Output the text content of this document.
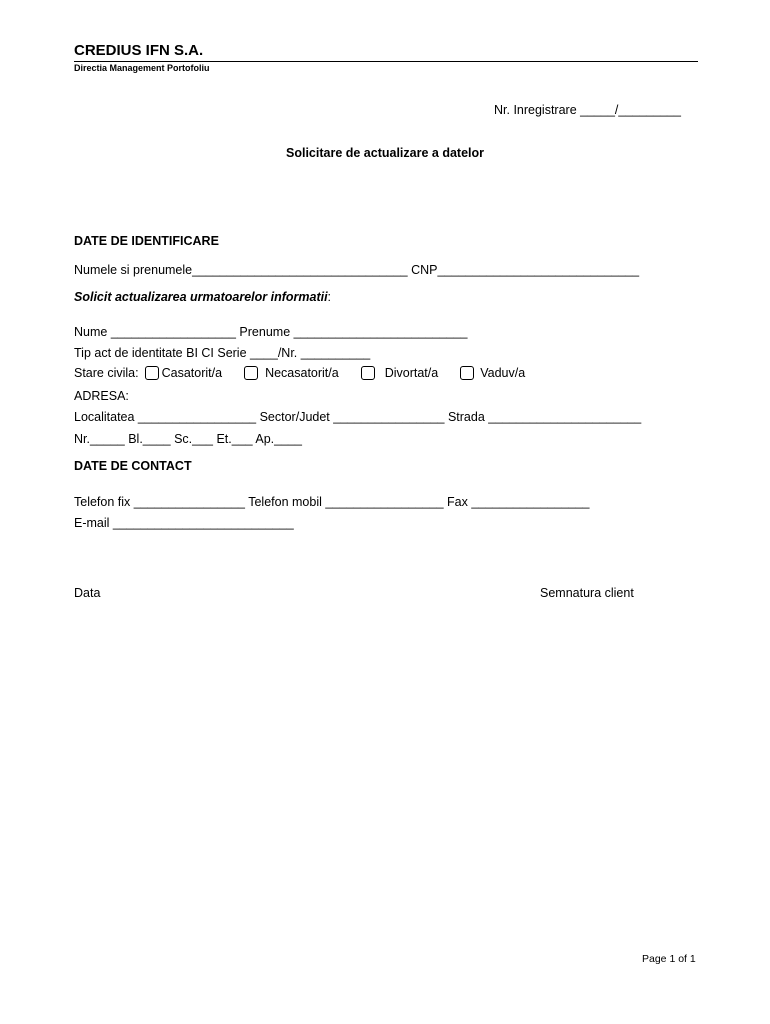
CREDIUS IFN S.A.
Directia Management Portofoliu
Nr. Inregistrare _____/_________
Solicitare de actualizare a datelor
DATE DE IDENTIFICARE
Numele si prenumele_______________________________ CNP_____________________________
Solicit actualizarea urmatoarelor informatii:
Nume __________________ Prenume _________________________
Tip act de identitate BI CI Serie ____/Nr. __________
Stare civila: Casatorit/a	Necasatorit/a	Divortat/a	Vaduv/a
ADRESA:
Localitatea _________________ Sector/Judet ________________ Strada ______________________
Nr._____ Bl.____ Sc.___ Et.___ Ap.____
DATE DE CONTACT
Telefon fix ________________ Telefon mobil _________________ Fax _________________
E-mail __________________________
Data	Semnatura client
Page 1 of 1
